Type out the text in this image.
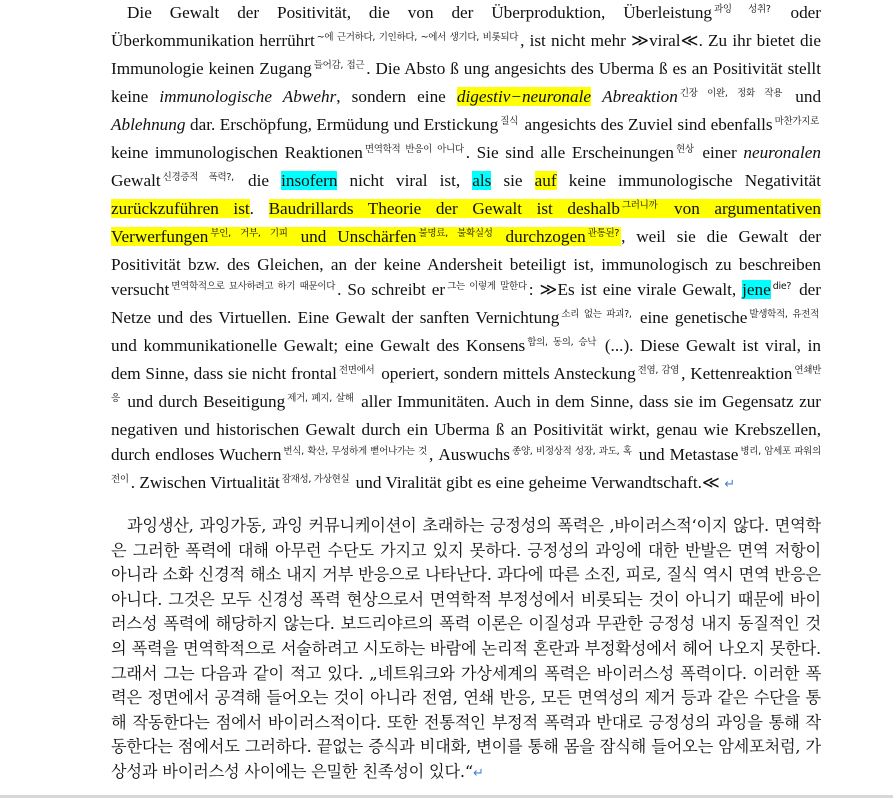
Die Gewalt der Positivität, die von der Überproduktion, Überleistung $^{과잉 성취?}$ oder Überkommunikation herrührt $^{\sim 에 근거하다, 기인하다, \sim 에서 생기다, 비롯되다}$ , ist nicht mehr ≫viral≪. Zu ihr bietet die Immunologie keinen Zugang $^{들어감, 접근}$ . Die Absto ß ung angesichts des Uberma ß es an Positivität stellt keine immunologische Abwehr, sondern eine digestiv−neuronale Abreaktion $^{긴장 이완, 정화 작용}$ und Ablehnung dar. Erschöpfung, Ermüdung und Erstickung $^{질식}$ angesichts des Zuviel sind ebenfalls $^{마찬가지로}$ keine immunologischen Reaktionen $^{면역학적 반응이 아니다}$ . Sie sind alle Erscheinungen $^{현상}$ einer neuronalen Gewalt $^{신경증적 폭력?,}$ die insofern nicht viral ist, als sie auf keine immunologische Negativität zurückzuführen ist. Baudrillards Theorie der Gewalt ist deshalb $^{그러니까}$ von argumentativen Verwerfungen $^{부인, 거부, 기피}$ und Unschärfen $^{불명료, 불확실성}$ durchzogen $^{관통된?}$ , weil sie die Gewalt der Positivität bzw. des Gleichen, an der keine Andersheit beteiligt ist, immunologisch zu beschreiben versucht $^{면역학적으로 묘사하려고 하기 때문이다}$ . So schreibt er $^{그는 이렇게 말한다}$ : ≫Es ist eine virale Gewalt, jene $^{die?}$ der Netze und des Virtuellen. Eine Gewalt der sanften Vernichtung $^{소리 없는 파괴?,}$ eine genetische $^{발생학적, 유전적}$ und kommunikationelle Gewalt; eine Gewalt des Konsens $^{합의, 동의, 승낙}$ (...). Diese Gewalt ist viral, in dem Sinne, dass sie nicht frontal $^{전면에서}$ operiert, sondern mittels Ansteckung $^{전염, 감염}$ , Kettenreaktion $^{연쇄반응}$ und durch Beseitigung $^{제거, 폐지, 살해}$ aller Immunitäten. Auch in dem Sinne, dass sie im Gegensatz zur negativen und historischen Gewalt durch ein Uberma ß an Positivität wirkt, genau wie Krebszellen, durch endloses Wuchern $^{번식, 확산, 무성하게 뻗어나가는 것}$ , Auswuchs $^{종양, 비정상적 성장, 과도, 혹}$ und Metastase $^{병리, 암세포 파워의 전이}$ . Zwischen Virtualität $^{잠재성, 가상현실}$ und Viralität gibt es eine geheime Verwandtschaft.≪ ↵

과잉생산, 과잉가동, 과잉 커뮤니케이션이 초래하는 긍정성의 폭력은 ‚바이러스적‘이지 않다. 면역학은 그러한 폭력에 대해 아무런 수단도 가지고 있지 못하다. 긍정성의 과잉에 대한 반발은 면역 저항이 아니라 소화 신경적 해소 내지 거부 반응으로 나타난다. 과다에 따른 소진, 피로, 질식 역시 면역 반응은 아니다. 그것은 모두 신경성 폭력 현상으로서 면역학적 부정성에서 비롯되는 것이 아니기 때문에 바이러스성 폭력에 해당하지 않는다. 보드리야르의 폭력 이론은 이질성과 무관한 긍정성 내지 동질적인 것의 폭력을 면역학적으로 서술하려고 시도하는 바람에 논리적 혼란과 부정확성에서 헤어 나오지 못한다. 그래서 그는 다음과 같이 적고 있다. „네트워크와 가상세계의 폭력은 바이러스성 폭력이다. 이러한 폭력은 정면에서 공격해 들어오는 것이 아니라 전염, 연쇄 반응, 모든 면역성의 제거 등과 같은 수단을 통해 작동한다는 점에서 바이러스적이다. 또한 전통적인 부정적 폭력과 반대로 긍정성의 과잉을 통해 작동한다는 점에서도 그러하다. 끝없는 증식과 비대화, 변이를 통해 몸을 잠식해 들어오는 암세포처럼, 가상성과 바이러스성 사이에는 은밀한 친족성이 있다.“↵
